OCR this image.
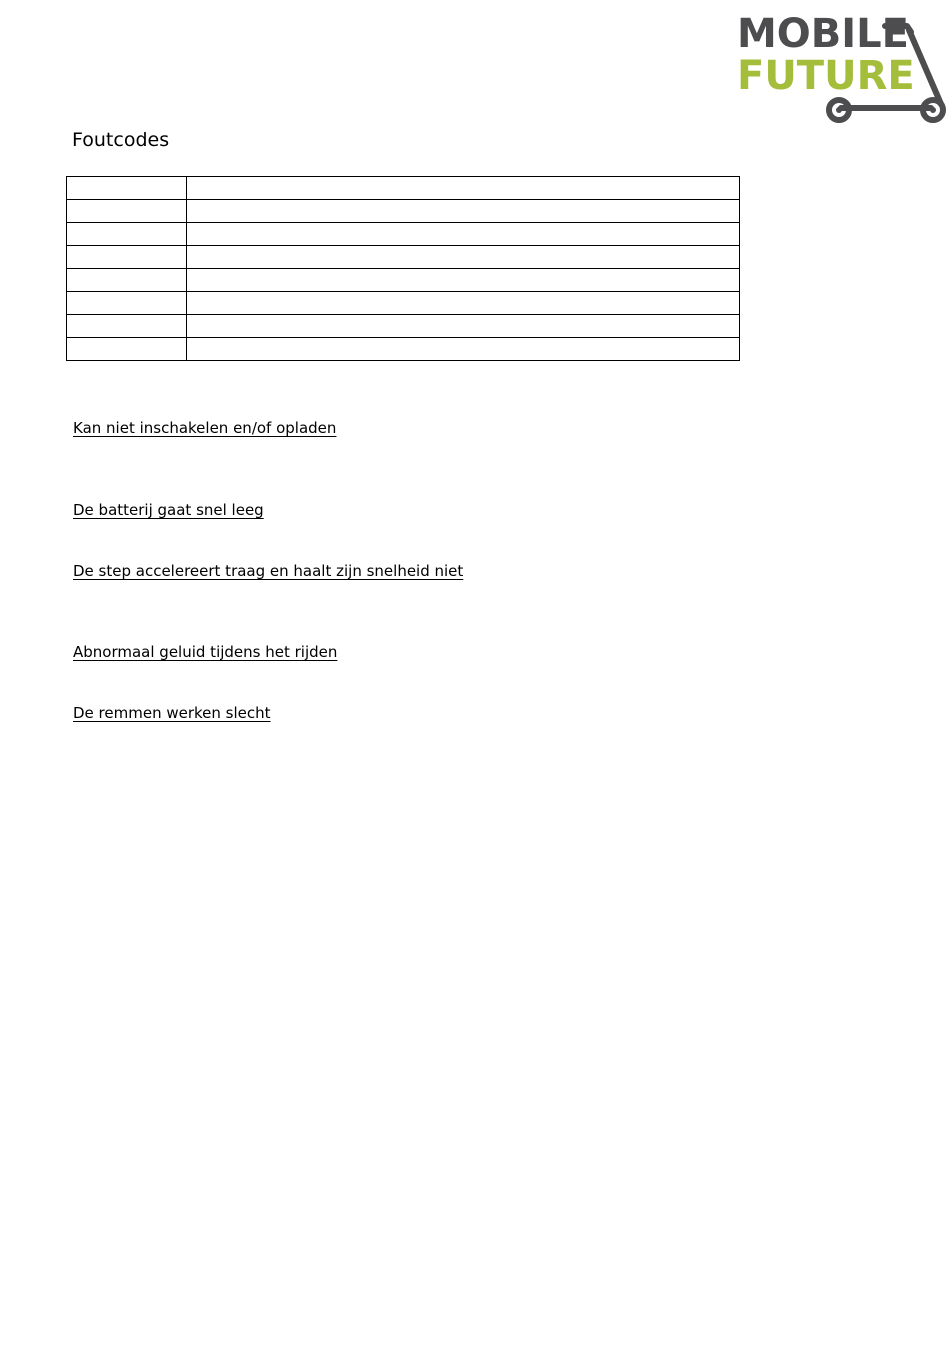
MOBILE
FUTURE
Foutcodes

Kan niet inschakelen en/of opladen
De batterij gaat snel leeg
De step accelereert traag en haalt zijn snelheid niet
Abnormaal geluid tijdens het rijden
De remmen werken slecht
